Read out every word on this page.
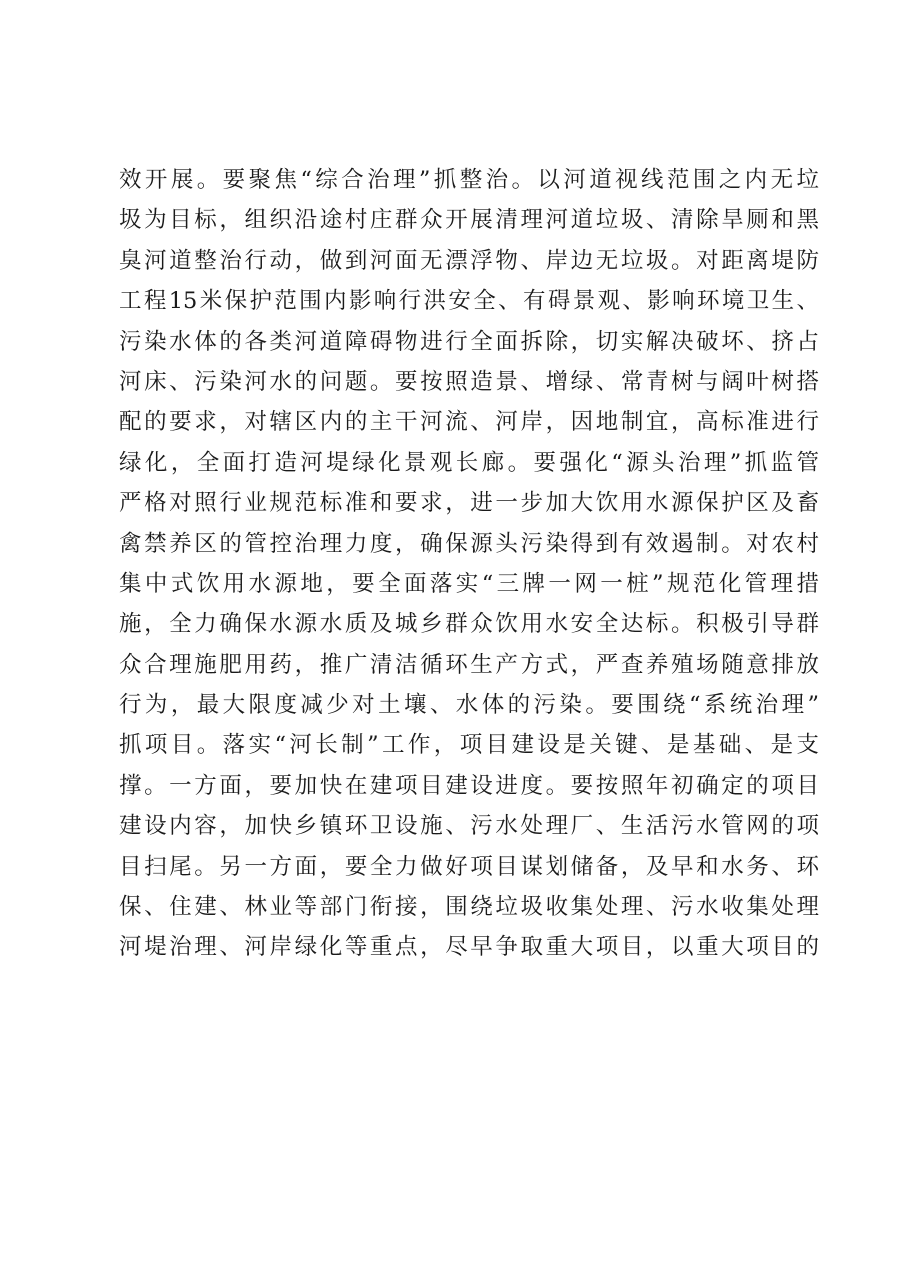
效开展。要聚焦“综合治理”抓整治。以河道视线范围之内无垃
圾为目标，组织沿途村庄群众开展清理河道垃圾、清除旱厕和黑
臭河道整治行动，做到河面无漂浮物、岸边无垃圾。对距离堤防
工程15米保护范围内影响行洪安全、有碍景观、影响环境卫生、
污染水体的各类河道障碍物进行全面拆除，切实解决破坏、挤占
河床、污染河水的问题。要按照造景、增绿、常青树与阔叶树搭
配的要求，对辖区内的主干河流、河岸，因地制宜，高标准进行
绿化，全面打造河堤绿化景观长廊。要强化“源头治理”抓监管
严格对照行业规范标准和要求，进一步加大饮用水源保护区及畜
禽禁养区的管控治理力度，确保源头污染得到有效遏制。对农村
集中式饮用水源地，要全面落实“三牌一网一桩”规范化管理措
施，全力确保水源水质及城乡群众饮用水安全达标。积极引导群
众合理施肥用药，推广清洁循环生产方式，严查养殖场随意排放
行为，最大限度减少对土壤、水体的污染。要围绕“系统治理”
抓项目。落实“河长制”工作，项目建设是关键、是基础、是支
撑。一方面，要加快在建项目建设进度。要按照年初确定的项目
建设内容，加快乡镇环卫设施、污水处理厂、生活污水管网的项
目扫尾。另一方面，要全力做好项目谋划储备，及早和水务、环
保、住建、林业等部门衔接，围绕垃圾收集处理、污水收集处理
河堤治理、河岸绿化等重点，尽早争取重大项目，以重大项目的
